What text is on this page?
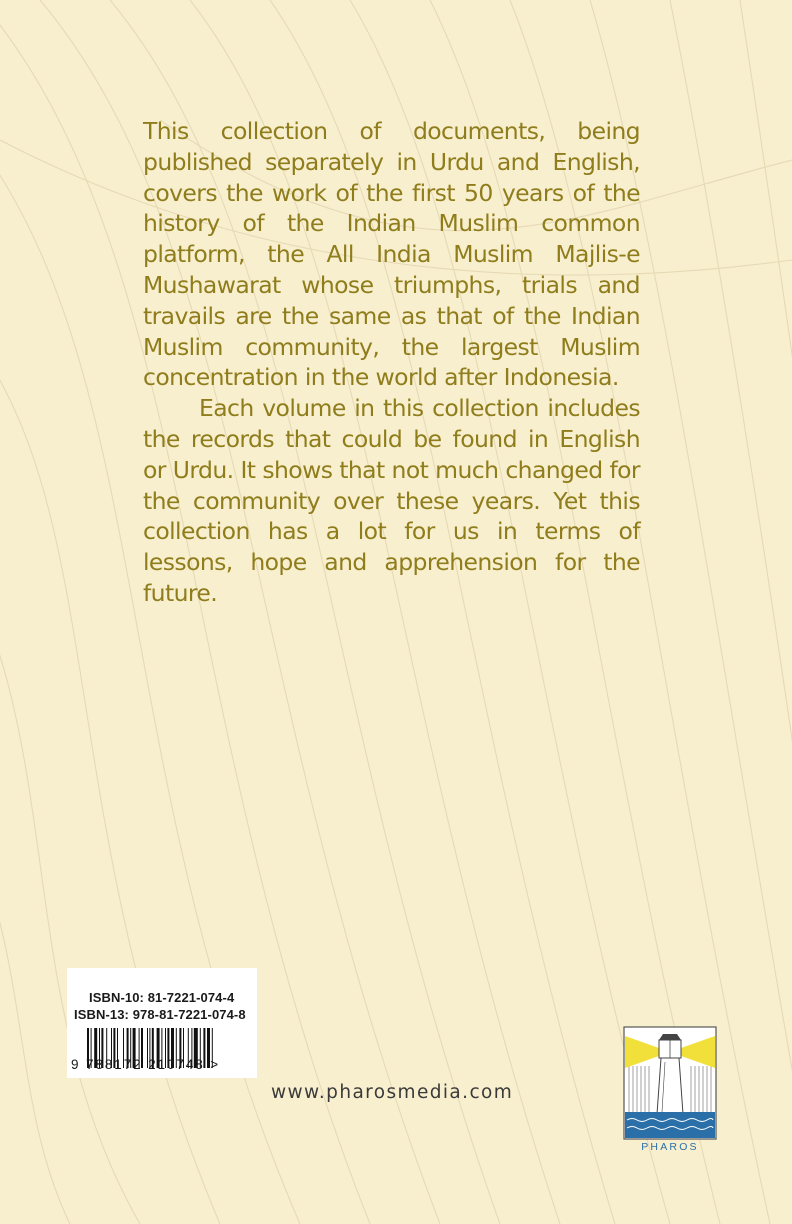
This collection of documents, being published separately in Urdu and English, covers the work of the first 50 years of the history of the Indian Muslim common platform, the All India Muslim Majlis-e Mushawarat whose triumphs, trials and travails are the same as that of the Indian Muslim community, the largest Muslim concentration in the world after Indonesia.

Each volume in this collection includes the records that could be found in English or Urdu. It shows that not much changed for the community over these years. Yet this collection has a lot for us in terms of lessons, hope and apprehension for the future.

ISBN-10: 81-7221-074-4
ISBN-13: 978-81-7221-074-8
9 788172 210748 >
www.pharosmedia.com
PHAROS
